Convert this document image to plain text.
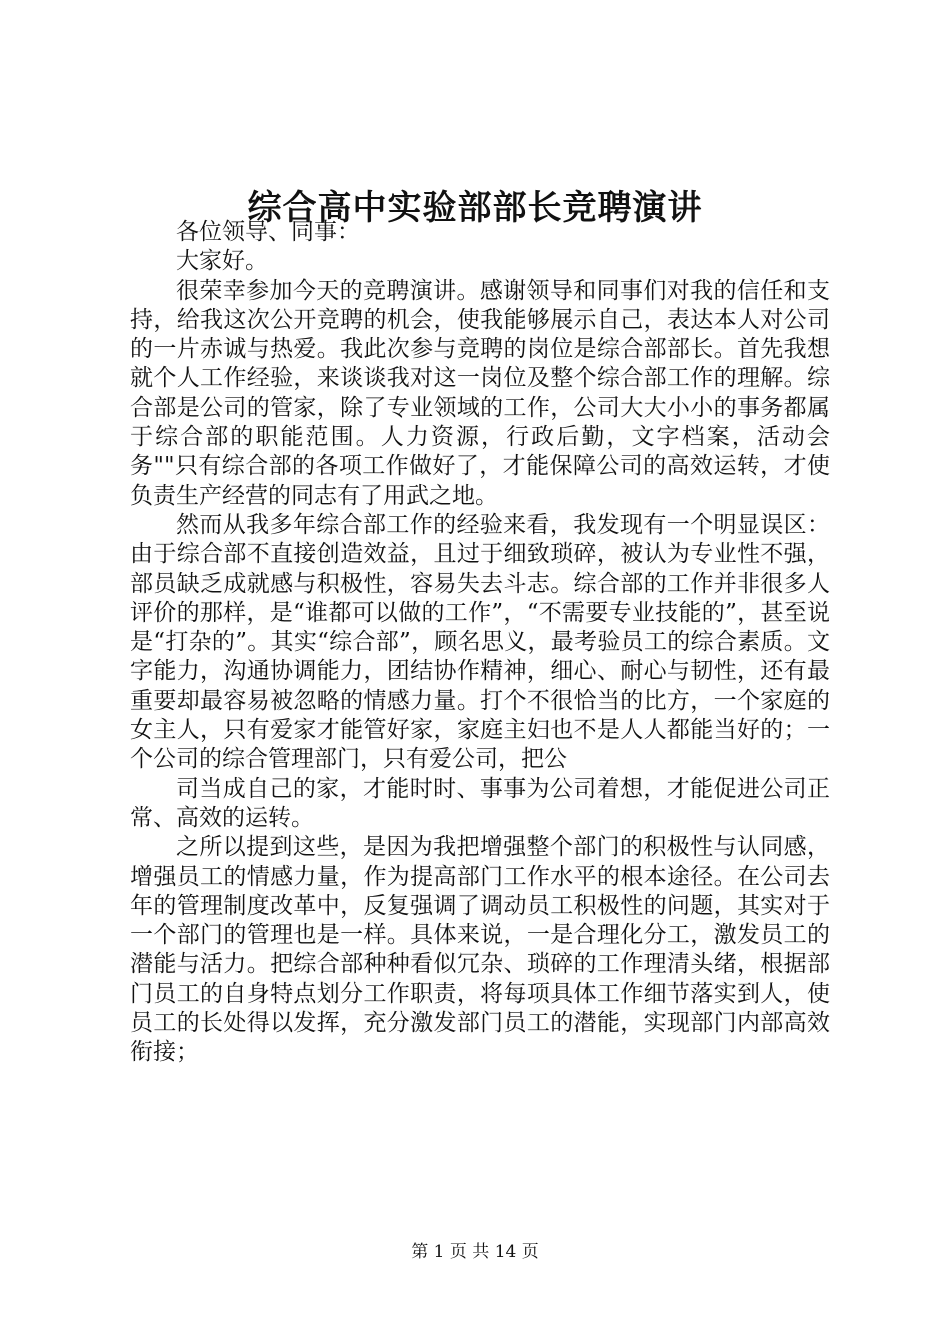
综合高中实验部部长竞聘演讲

各位领导、同事：

大家好。

很荣幸参加今天的竞聘演讲。感谢领导和同事们对我的信任和支持，给我这次公开竞聘的机会，使我能够展示自己，表达本人对公司的一片赤诚与热爱。我此次参与竞聘的岗位是综合部部长。首先我想就个人工作经验，来谈谈我对这一岗位及整个综合部工作的理解。综合部是公司的管家，除了专业领域的工作，公司大大小小的事务都属于综合部的职能范围。人力资源，行政后勤，文字档案，活动会务""只有综合部的各项工作做好了，才能保障公司的高效运转，才使负责生产经营的同志有了用武之地。

然而从我多年综合部工作的经验来看，我发现有一个明显误区：由于综合部不直接创造效益，且过于细致琐碎，被认为专业性不强，部员缺乏成就感与积极性，容易失去斗志。综合部的工作并非很多人评价的那样，是“谁都可以做的工作”，“不需要专业技能的”，甚至说是“打杂的”。其实“综合部”，顾名思义，最考验员工的综合素质。文字能力，沟通协调能力，团结协作精神，细心、耐心与韧性，还有最重要却最容易被忽略的情感力量。打个不很恰当的比方，一个家庭的女主人，只有爱家才能管好家，家庭主妇也不是人人都能当好的；一个公司的综合管理部门，只有爱公司，把公

司当成自己的家，才能时时、事事为公司着想，才能促进公司正常、高效的运转。

之所以提到这些，是因为我把增强整个部门的积极性与认同感，增强员工的情感力量，作为提高部门工作水平的根本途径。在公司去年的管理制度改革中，反复强调了调动员工积极性的问题，其实对于一个部门的管理也是一样。具体来说，一是合理化分工，激发员工的潜能与活力。把综合部种种看似冗杂、琐碎的工作理清头绪，根据部门员工的自身特点划分工作职责，将每项具体工作细节落实到人，使员工的长处得以发挥，充分激发部门员工的潜能，实现部门内部高效衔接；

第 1 页 共 14 页
